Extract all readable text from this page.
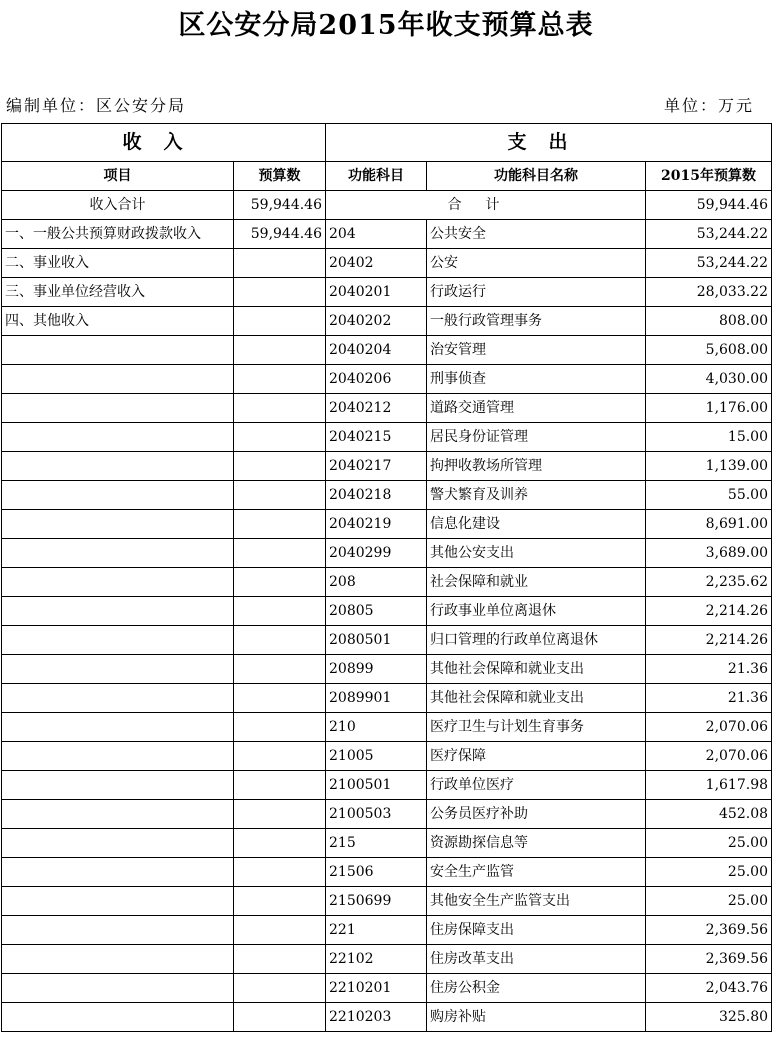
区公安分局2015年收支预算总表
编制单位：区公安分局	单位：万元
收入		支出		
项目	预算数	功能科目	功能科目名称	2015年预算数
收入合计	59,944.46	合计		59,944.46
一、一般公共预算财政拨款收入	59,944.46	204	公共安全	53,244.22
二、事业收入		20402	公安	53,244.22
三、事业单位经营收入		2040201	行政运行	28,033.22
四、其他收入		2040202	一般行政管理事务	808.00
		2040204	治安管理	5,608.00
		2040206	刑事侦查	4,030.00
		2040212	道路交通管理	1,176.00
		2040215	居民身份证管理	15.00
		2040217	拘押收教场所管理	1,139.00
		2040218	警犬繁育及训养	55.00
		2040219	信息化建设	8,691.00
		2040299	其他公安支出	3,689.00
		208	社会保障和就业	2,235.62
		20805	行政事业单位离退休	2,214.26
		2080501	归口管理的行政单位离退休	2,214.26
		20899	其他社会保障和就业支出	21.36
		2089901	其他社会保障和就业支出	21.36
		210	医疗卫生与计划生育事务	2,070.06
		21005	医疗保障	2,070.06
		2100501	行政单位医疗	1,617.98
		2100503	公务员医疗补助	452.08
		215	资源勘探信息等	25.00
		21506	安全生产监管	25.00
		2150699	其他安全生产监管支出	25.00
		221	住房保障支出	2,369.56
		22102	住房改革支出	2,369.56
		2210201	住房公积金	2,043.76
		2210203	购房补贴	325.80
